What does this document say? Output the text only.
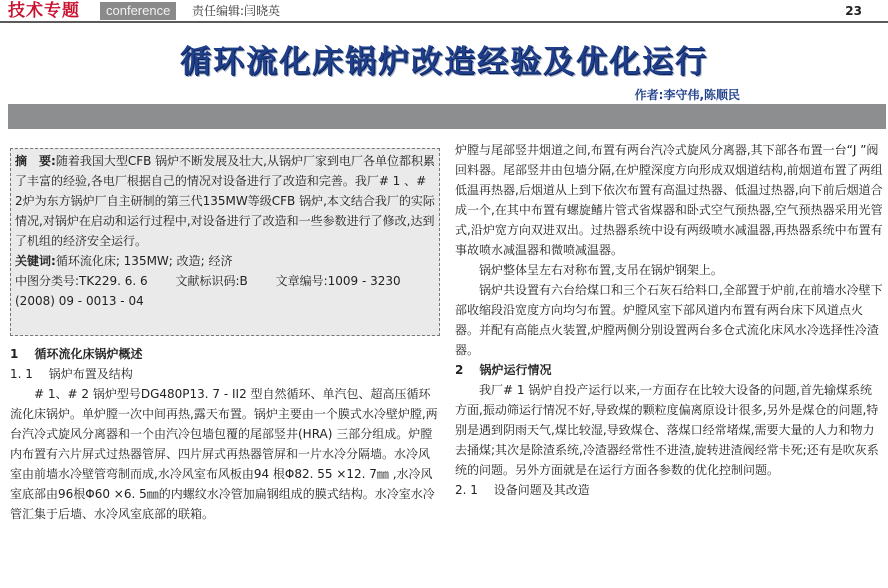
技术专题	conference	责任编辑:闫晓英	23
循环流化床锅炉改造经验及优化运行
作者:李守伟,陈顺民

摘　要:随着我国大型CFB 锅炉不断发展及壮大,从锅炉厂家到电厂各单位都积累了丰富的经验,各电厂根据自己的情况对设备进行了改造和完善。我厂# 1 、# 2炉为东方锅炉厂自主研制的第三代135MW等级CFB 锅炉,本文结合我厂的实际情况,对锅炉在启动和运行过程中,对设备进行了改造和一些参数进行了修改,达到了机组的经济安全运行。

关键词:循环流化床; 135MW; 改造; 经济

中图分类号:TK229. 6. 6　　 文献标识码:B　　 文章编号:1009 - 3230 (2008) 09 - 0013 - 04

1　 循环流化床锅炉概述

1. 1　 锅炉布置及结构

# 1、# 2 锅炉型号DG480P13. 7 - II2 型自然循环、单汽包、超高压循环流化床锅炉。单炉膛一次中间再热,露天布置。锅炉主要由一个膜式水冷壁炉膛,两台汽冷式旋风分离器和一个由汽冷包墙包覆的尾部竖井(HRA) 三部分组成。炉膛内布置有六片屏式过热器管屏、四片屏式再热器管屏和一片水冷分隔墙。水冷风室由前墙水冷壁管弯制而成,水冷风室布风板由94 根Φ82. 55 ×12. 7㎜ ,水冷风室底部由96根Φ60 ×6. 5㎜的内螺纹水冷管加扁钢组成的膜式结构。水冷室水冷管汇集于后墙、水冷风室底部的联箱。

炉膛与尾部竖井烟道之间,布置有两台汽冷式旋风分离器,其下部各布置一台“J ”阀回料器。尾部竖井由包墙分隔,在炉膛深度方向形成双烟道结构,前烟道布置了两组低温再热器,后烟道从上到下依次布置有高温过热器、低温过热器,向下前后烟道合成一个,在其中布置有螺旋鳍片管式省煤器和卧式空气预热器,空气预热器采用光管式,沿炉宽方向双进双出。过热器系统中设有两级喷水减温器,再热器系统中布置有事故喷水减温器和微喷减温器。

锅炉整体呈左右对称布置,支吊在锅炉钢架上。

锅炉共设置有六台给煤口和三个石灰石给料口,全部置于炉前,在前墙水冷壁下部收缩段沿宽度方向均匀布置。炉膛风室下部风道内布置有两台床下风道点火器。并配有高能点火装置,炉膛两侧分别设置两台多仓式流化床风水冷选择性冷渣器。

2　 锅炉运行情况

我厂# 1 锅炉自投产运行以来,一方面存在比较大设备的问题,首先输煤系统方面,振动筛运行情况不好,导致煤的颗粒度偏离原设计很多,另外是煤仓的问题,特别是遇到阴雨天气,煤比较湿,导致煤仓、落煤口经常堵煤,需要大量的人力和物力去捅煤;其次是除渣系统,冷渣器经常性不进渣,旋转进渣阀经常卡死;还有是吹灰系统的问题。另外方面就是在运行方面各参数的优化控制问题。

2. 1　 设备问题及其改造
